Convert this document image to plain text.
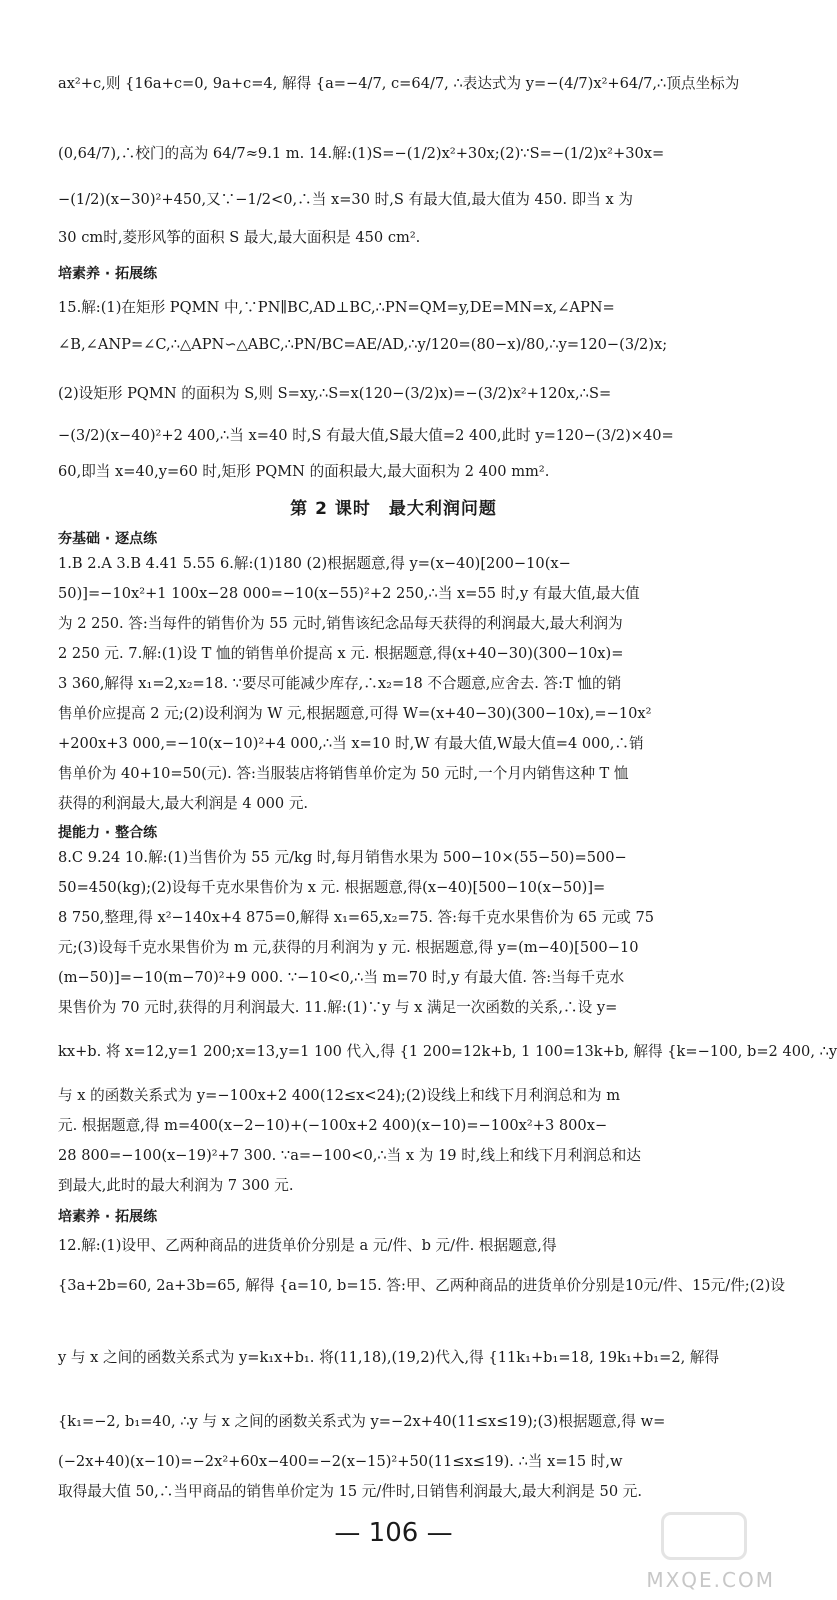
ax²+c,则 {16a+c=0, 9a+c=4, 解得 {a=−4/7, c=64/7, ∴表达式为 y=−(4/7)x²+64/7,∴顶点坐标为
(0,64/7),∴校门的高为 64/7≈9.1 m. 14.解:(1)S=−(1/2)x²+30x;(2)∵S=−(1/2)x²+30x=
−(1/2)(x−30)²+450,又∵−1/2<0,∴当 x=30 时,S 有最大值,最大值为 450. 即当 x 为
30 cm时,菱形风筝的面积 S 最大,最大面积是 450 cm².
培素养 · 拓展练
15.解:(1)在矩形 PQMN 中,∵PN∥BC,AD⊥BC,∴PN=QM=y,DE=MN=x,∠APN=
∠B,∠ANP=∠C,∴△APN∽△ABC,∴PN/BC=AE/AD,∴y/120=(80−x)/80,∴y=120−(3/2)x;
(2)设矩形 PQMN 的面积为 S,则 S=xy,∴S=x(120−(3/2)x)=−(3/2)x²+120x,∴S=
−(3/2)(x−40)²+2 400,∴当 x=40 时,S 有最大值,S最大值=2 400,此时 y=120−(3/2)×40=
60,即当 x=40,y=60 时,矩形 PQMN 的面积最大,最大面积为 2 400 mm².
第 2 课时　最大利润问题
夯基础 · 逐点练
1.B 2.A 3.B 4.41 5.55 6.解:(1)180 (2)根据题意,得 y=(x−40)[200−10(x−
50)]=−10x²+1 100x−28 000=−10(x−55)²+2 250,∴当 x=55 时,y 有最大值,最大值
为 2 250. 答:当每件的销售价为 55 元时,销售该纪念品每天获得的利润最大,最大利润为
2 250 元. 7.解:(1)设 T 恤的销售单价提高 x 元. 根据题意,得(x+40−30)(300−10x)=
3 360,解得 x₁=2,x₂=18. ∵要尽可能减少库存,∴x₂=18 不合题意,应舍去. 答:T 恤的销
售单价应提高 2 元;(2)设利润为 W 元,根据题意,可得 W=(x+40−30)(300−10x),=−10x²
+200x+3 000,=−10(x−10)²+4 000,∴当 x=10 时,W 有最大值,W最大值=4 000,∴销
售单价为 40+10=50(元). 答:当服装店将销售单价定为 50 元时,一个月内销售这种 T 恤
获得的利润最大,最大利润是 4 000 元.
提能力 · 整合练
8.C 9.24 10.解:(1)当售价为 55 元/kg 时,每月销售水果为 500−10×(55−50)=500−
50=450(kg);(2)设每千克水果售价为 x 元. 根据题意,得(x−40)[500−10(x−50)]=
8 750,整理,得 x²−140x+4 875=0,解得 x₁=65,x₂=75. 答:每千克水果售价为 65 元或 75
元;(3)设每千克水果售价为 m 元,获得的月利润为 y 元. 根据题意,得 y=(m−40)[500−10
(m−50)]=−10(m−70)²+9 000. ∵−10<0,∴当 m=70 时,y 有最大值. 答:当每千克水
果售价为 70 元时,获得的月利润最大. 11.解:(1)∵y 与 x 满足一次函数的关系,∴设 y=
kx+b. 将 x=12,y=1 200;x=13,y=1 100 代入,得 {1 200=12k+b, 1 100=13k+b, 解得 {k=−100, b=2 400, ∴y
与 x 的函数关系式为 y=−100x+2 400(12≤x<24);(2)设线上和线下月利润总和为 m
元. 根据题意,得 m=400(x−2−10)+(−100x+2 400)(x−10)=−100x²+3 800x−
28 800=−100(x−19)²+7 300. ∵a=−100<0,∴当 x 为 19 时,线上和线下月利润总和达
到最大,此时的最大利润为 7 300 元.
培素养 · 拓展练
12.解:(1)设甲、乙两种商品的进货单价分别是 a 元/件、b 元/件. 根据题意,得
{3a+2b=60, 2a+3b=65, 解得 {a=10, b=15. 答:甲、乙两种商品的进货单价分别是10元/件、15元/件;(2)设
y 与 x 之间的函数关系式为 y=k₁x+b₁. 将(11,18),(19,2)代入,得 {11k₁+b₁=18, 19k₁+b₁=2, 解得
{k₁=−2, b₁=40, ∴y 与 x 之间的函数关系式为 y=−2x+40(11≤x≤19);(3)根据题意,得 w=
(−2x+40)(x−10)=−2x²+60x−400=−2(x−15)²+50(11≤x≤19). ∴当 x=15 时,w
取得最大值 50,∴当甲商品的销售单价定为 15 元/件时,日销售利润最大,最大利润是 50 元.
— 106 —
MXQE.COM
